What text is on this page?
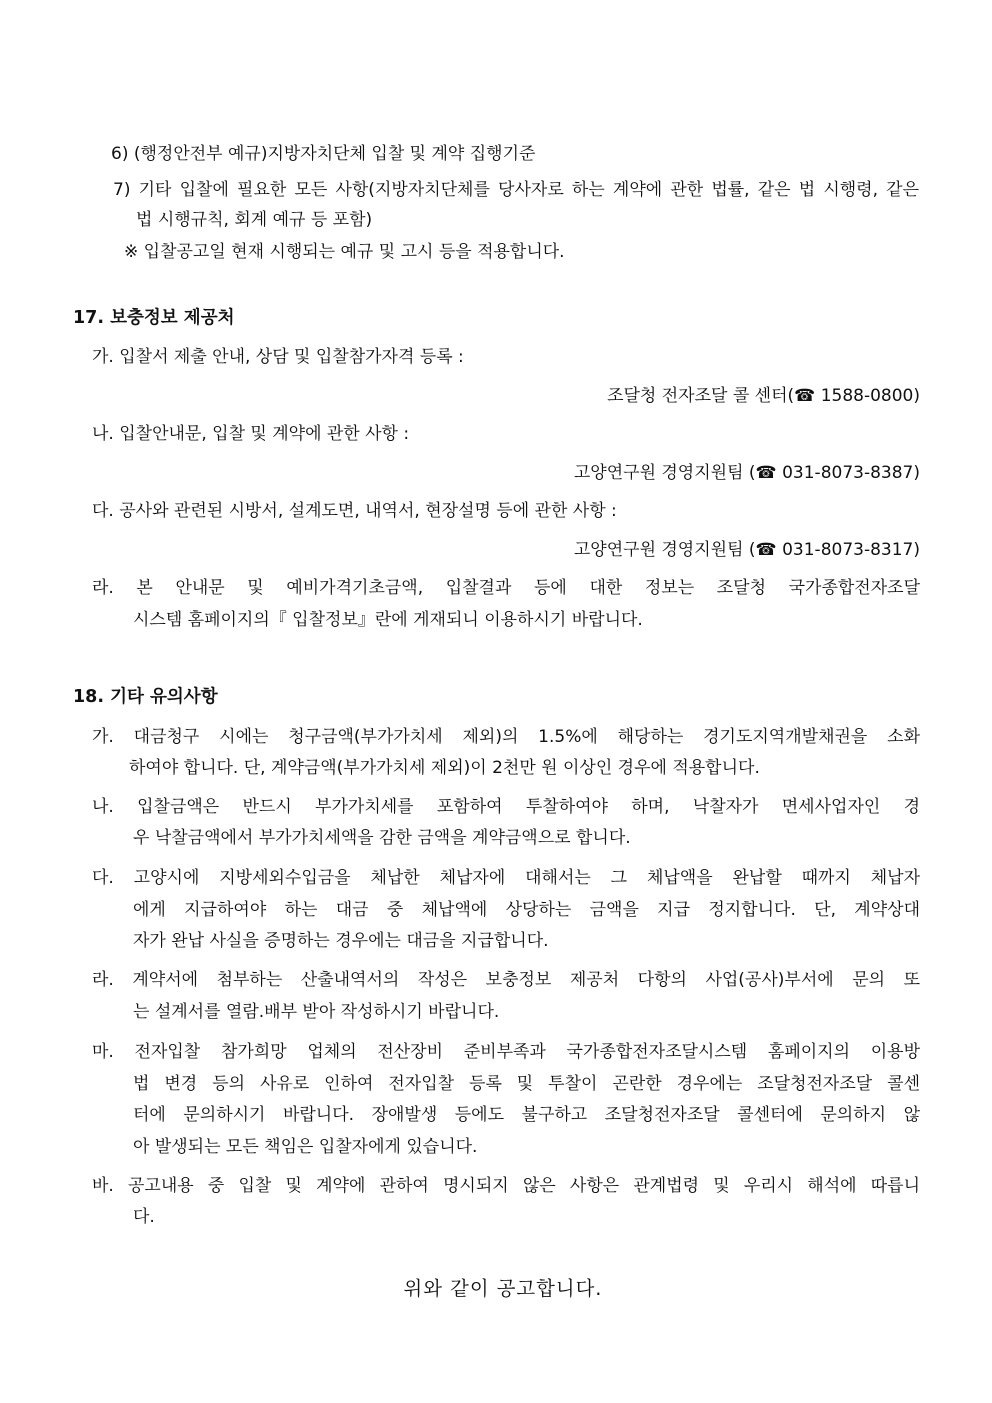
6) (행정안전부 예규)지방자치단체 입찰 및 계약 집행기준
7) 기타 입찰에 필요한 모든 사항(지방자치단체를 당사자로 하는 계약에 관한 법률, 같은 법 시행령, 같은
법 시행규칙, 회계 예규 등 포함)
※ 입찰공고일 현재 시행되는 예규 및 고시 등을 적용합니다.
17. 보충정보 제공처
가. 입찰서 제출 안내, 상담 및 입찰참가자격 등록 :
조달청 전자조달 콜 센터(☎ 1588-0800)
나. 입찰안내문, 입찰 및 계약에 관한 사항 :
고양연구원 경영지원팀 (☎ 031-8073-8387)
다. 공사와 관련된 시방서, 설계도면, 내역서, 현장설명 등에 관한 사항 :
고양연구원 경영지원팀 (☎ 031-8073-8317)
라. 본 안내문 및 예비가격기초금액, 입찰결과 등에 대한 정보는 조달청 국가종합전자조달
시스템 홈페이지의『 입찰정보』란에 게재되니 이용하시기 바랍니다.
18. 기타 유의사항
가. 대금청구 시에는 청구금액(부가가치세 제외)의 1.5%에 해당하는 경기도지역개발채권을 소화
하여야 합니다. 단, 계약금액(부가가치세 제외)이 2천만 원 이상인 경우에 적용합니다.
나. 입찰금액은 반드시 부가가치세를 포함하여 투찰하여야 하며, 낙찰자가 면세사업자인 경
우 낙찰금액에서 부가가치세액을 감한 금액을 계약금액으로 합니다.
다. 고양시에 지방세외수입금을 체납한 체납자에 대해서는 그 체납액을 완납할 때까지 체납자
에게 지급하여야 하는 대금 중 체납액에 상당하는 금액을 지급 정지합니다. 단, 계약상대
자가 완납 사실을 증명하는 경우에는 대금을 지급합니다.
라. 계약서에 첨부하는 산출내역서의 작성은 보충정보 제공처 다항의 사업(공사)부서에 문의 또
는 설계서를 열람.배부 받아 작성하시기 바랍니다.
마. 전자입찰 참가희망 업체의 전산장비 준비부족과 국가종합전자조달시스템 홈페이지의 이용방
법 변경 등의 사유로 인하여 전자입찰 등록 및 투찰이 곤란한 경우에는 조달청전자조달 콜센
터에 문의하시기 바랍니다. 장애발생 등에도 불구하고 조달청전자조달 콜센터에 문의하지 않
아 발생되는 모든 책임은 입찰자에게 있습니다.
바. 공고내용 중 입찰 및 계약에 관하여 명시되지 않은 사항은 관계법령 및 우리시 해석에 따릅니
다.
위와 같이 공고합니다.
